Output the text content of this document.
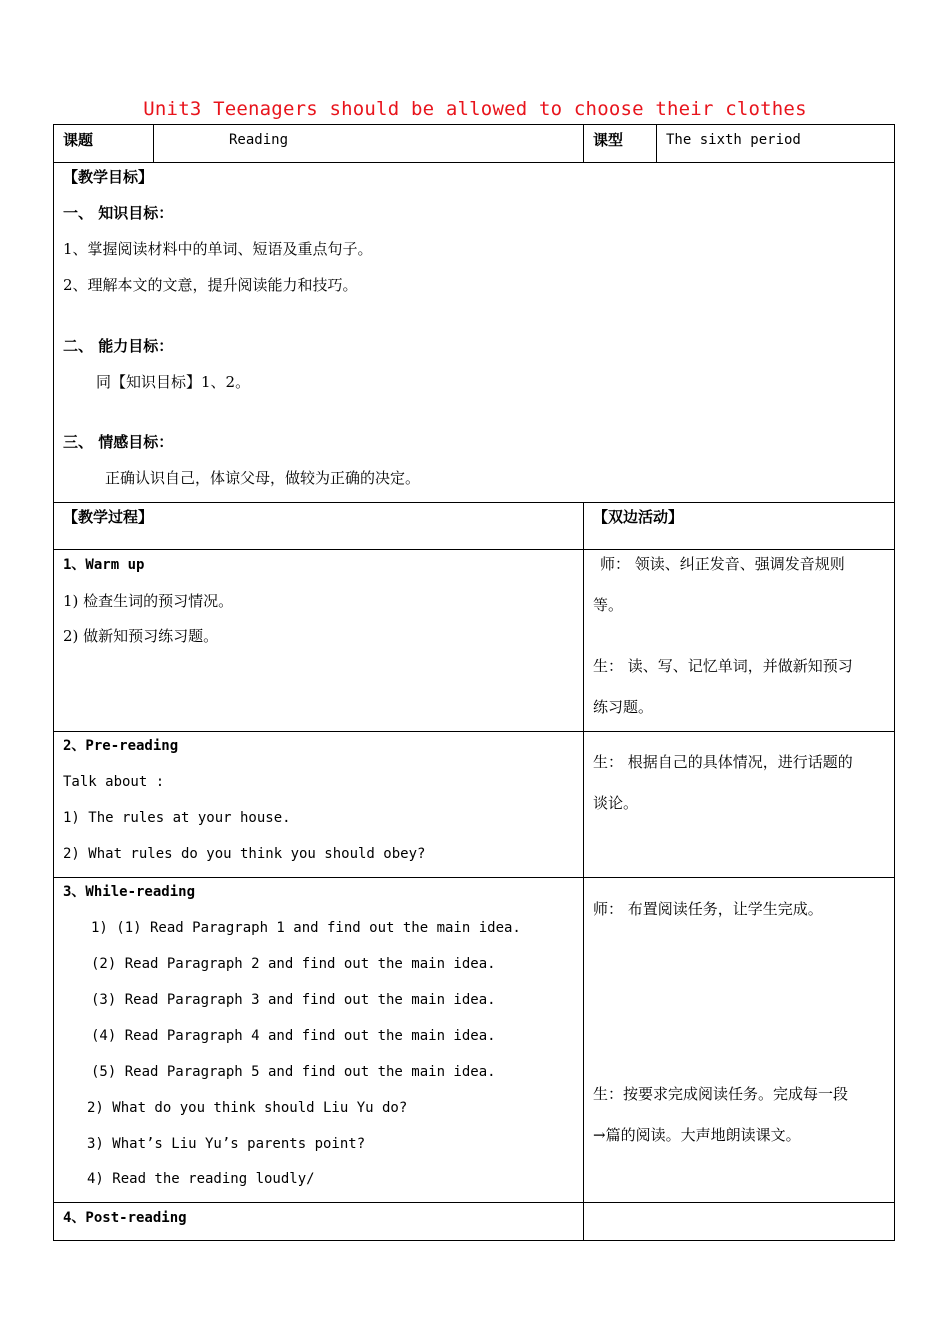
Unit3 Teenagers should be allowed to choose their clothes
课题	Reading	课型	The sixth period
【教学目标】
一、 知识目标：
1、掌握阅读材料中的单词、短语及重点句子。
2、理解本文的文意，提升阅读能力和技巧。
二、 能力目标：
同【知识目标】1、2。
三、 情感目标：
正确认识自己，体谅父母，做较为正确的决定。
【教学过程】	【双边活动】
1、Warm up
1) 检查生词的预习情况。
2) 做新知预习练习题。
师： 领读、纠正发音、强调发音规则
等。
生： 读、写、记忆单词，并做新知预习
练习题。
2、Pre-reading
Talk about :
1) The rules at your house.
2) What rules do you think you should obey?
生： 根据自己的具体情况，进行话题的
谈论。
3、While-reading
1) (1) Read Paragraph 1 and find out the main idea.
(2) Read Paragraph 2 and find out the main idea.
(3) Read Paragraph 3 and find out the main idea.
(4) Read Paragraph 4 and find out the main idea.
(5) Read Paragraph 5 and find out the main idea.
2) What do you think should Liu Yu do?
3) What’s Liu Yu’s parents point?
4) Read the reading loudly/
师： 布置阅读任务，让学生完成。
生：按要求完成阅读任务。完成每一段
→篇的阅读。大声地朗读课文。
4、Post-reading
